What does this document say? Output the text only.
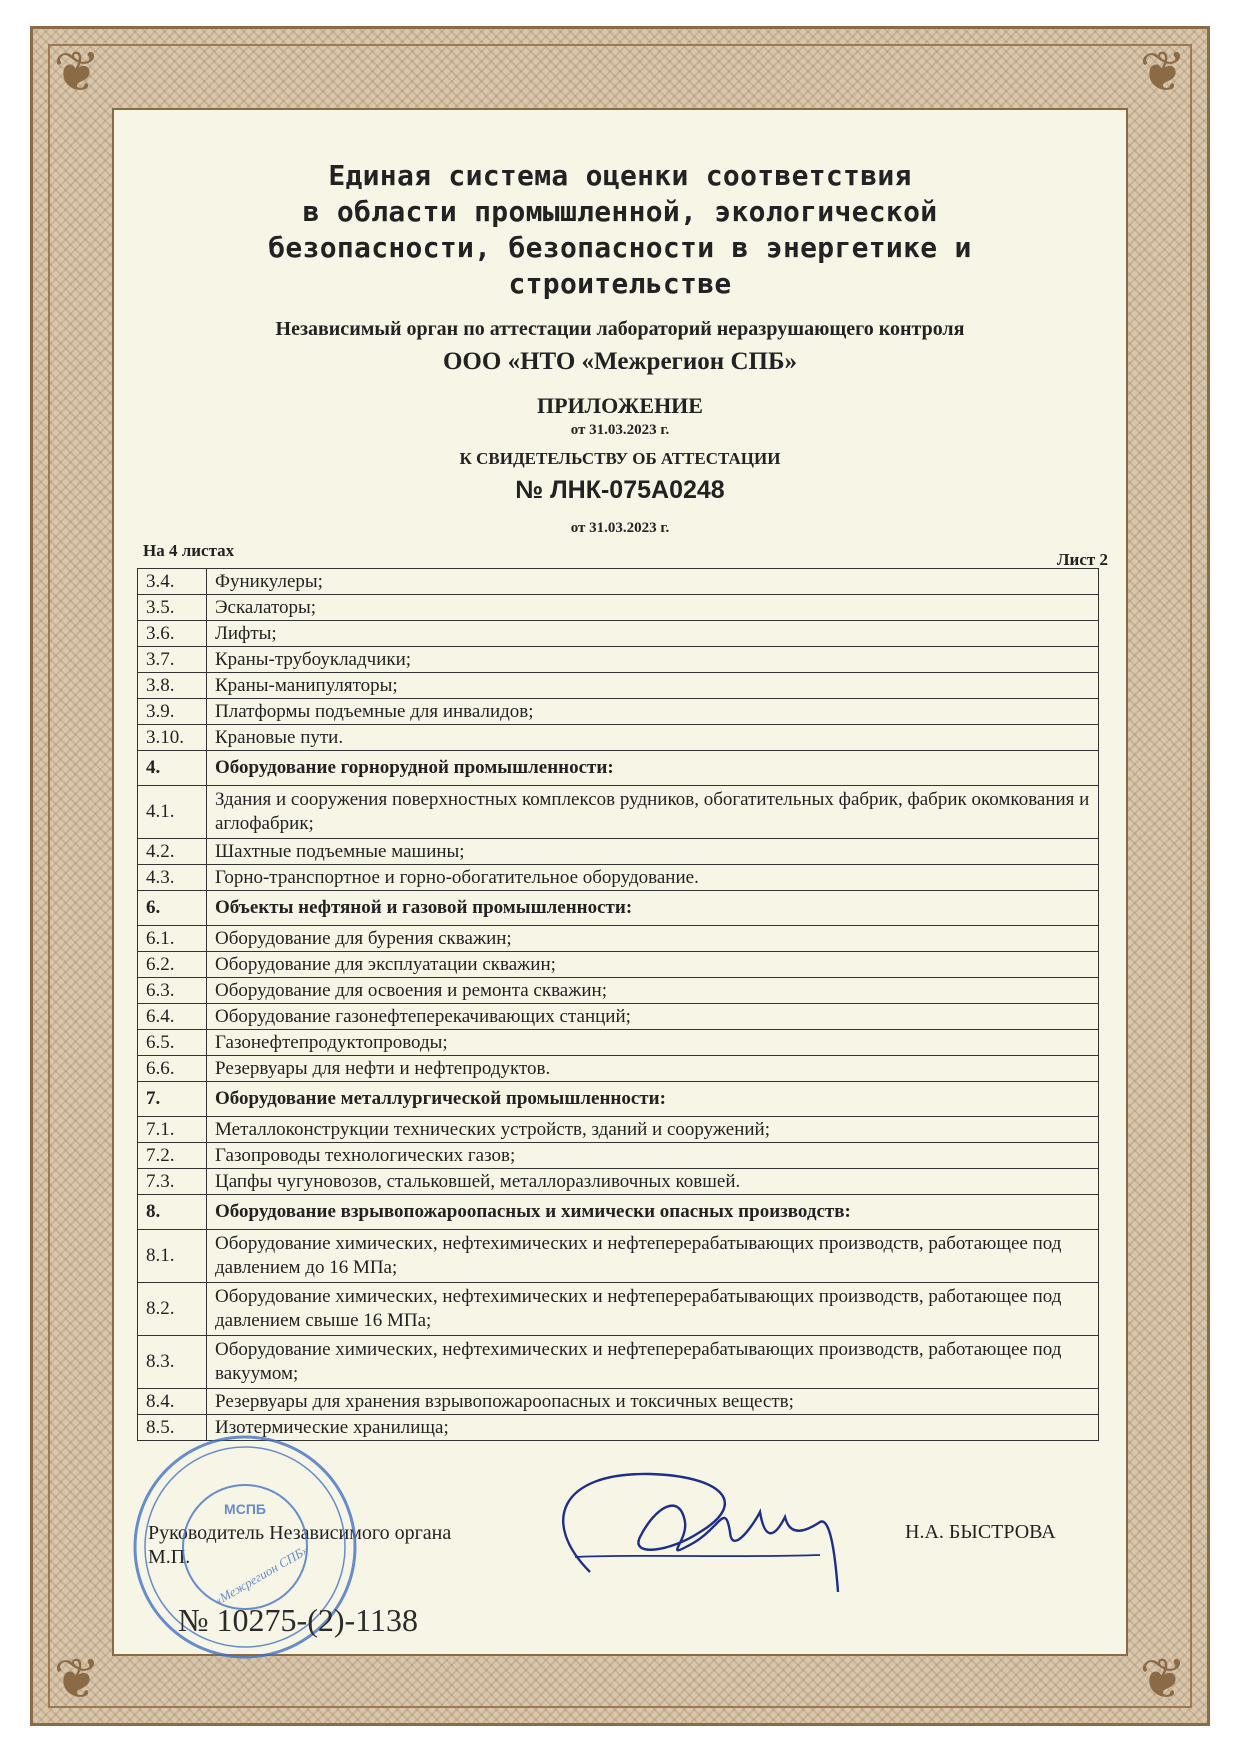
❦	❦
❦	❦
Единая система оценки соответствия
в области промышленной, экологической
безопасности, безопасности в энергетике и
строительстве
Независимый орган по аттестации лабораторий неразрушающего контроля
ООО «НТО «Межрегион СПБ»
ПРИЛОЖЕНИЕ
от 31.03.2023 г.
К СВИДЕТЕЛЬСТВУ ОБ АТТЕСТАЦИИ
№ ЛНК-075А0248
от 31.03.2023 г.
На 4 листах	Лист 2
3.4.	Фуникулеры;
3.5.	Эскалаторы;
3.6.	Лифты;
3.7.	Краны-трубоукладчики;
3.8.	Краны-манипуляторы;
3.9.	Платформы подъемные для инвалидов;
3.10.	Крановые пути.
4.	Оборудование горнорудной промышленности:
4.1.	Здания и сооружения поверхностных комплексов рудников, обогатительных фабрик, фабрик окомкования и аглофабрик;
4.2.	Шахтные подъемные машины;
4.3.	Горно-транспортное и горно-обогатительное оборудование.
6.	Объекты нефтяной и газовой промышленности:
6.1.	Оборудование для бурения скважин;
6.2.	Оборудование для эксплуатации скважин;
6.3.	Оборудование для освоения и ремонта скважин;
6.4.	Оборудование газонефтеперекачивающих станций;
6.5.	Газонефтепродуктопроводы;
6.6.	Резервуары для нефти и нефтепродуктов.
7.	Оборудование металлургической промышленности:
7.1.	Металлоконструкции технических устройств, зданий и сооружений;
7.2.	Газопроводы технологических газов;
7.3.	Цапфы чугуновозов, стальковшей, металлоразливочных ковшей.
8.	Оборудование взрывопожароопасных и химически опасных производств:
8.1.	Оборудование химических, нефтехимических и нефтеперерабатывающих производств, работающее под давлением до 16 МПа;
8.2.	Оборудование химических, нефтехимических и нефтеперерабатывающих производств, работающее под давлением свыше 16 МПа;
8.3.	Оборудование химических, нефтехимических и нефтеперерабатывающих производств, работающее под вакуумом;
8.4.	Резервуары для хранения взрывопожароопасных и токсичных веществ;
8.5.	Изотермические хранилища;
Руководитель Независимого органа
М.П.
Н.А. БЫСТРОВА
МСПБ
«Межрегион СПБ»
№ 10275-(2)-1138
